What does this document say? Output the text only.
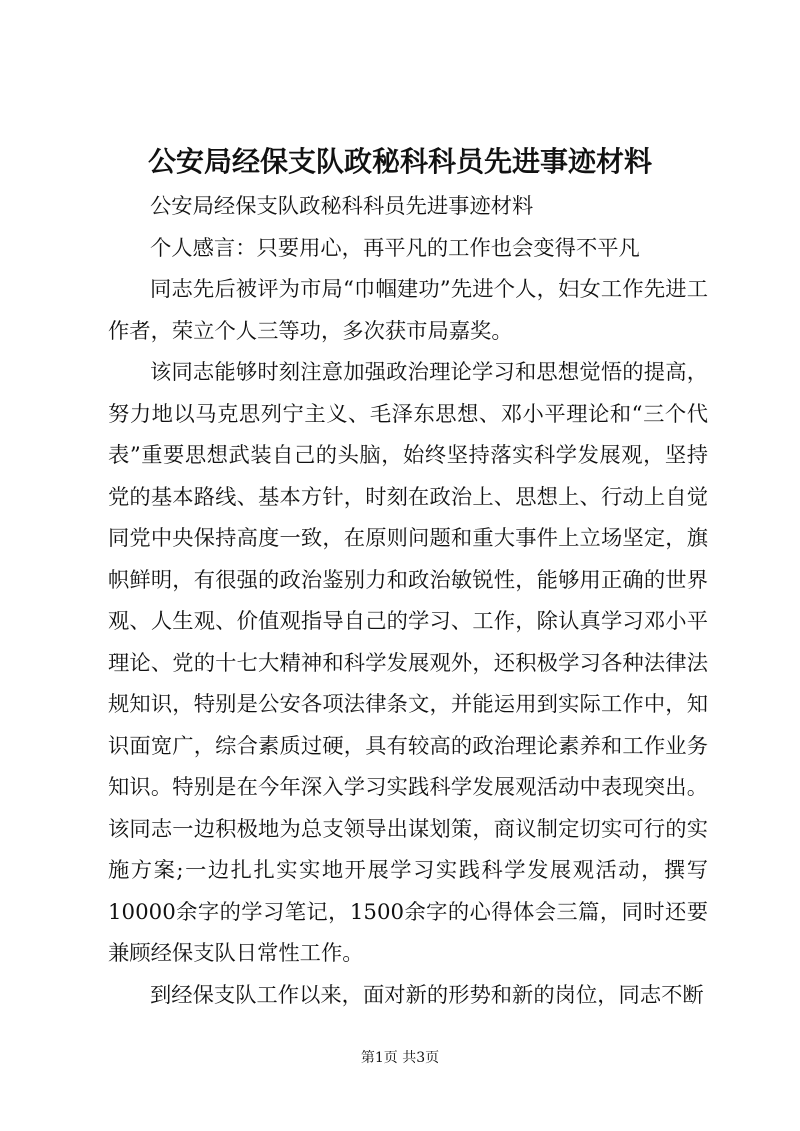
公安局经保支队政秘科科员先进事迹材料

公安局经保支队政秘科科员先进事迹材料

个人感言：只要用心，再平凡的工作也会变得不平凡

同志先后被评为市局“巾帼建功”先进个人，妇女工作先进工作者，荣立个人三等功，多次获市局嘉奖。

该同志能够时刻注意加强政治理论学习和思想觉悟的提高，努力地以马克思列宁主义、毛泽东思想、邓小平理论和“三个代表”重要思想武装自己的头脑，始终坚持落实科学发展观，坚持党的基本路线、基本方针，时刻在政治上、思想上、行动上自觉同党中央保持高度一致，在原则问题和重大事件上立场坚定，旗帜鲜明，有很强的政治鉴别力和政治敏锐性，能够用正确的世界观、人生观、价值观指导自己的学习、工作，除认真学习邓小平理论、党的十七大精神和科学发展观外，还积极学习各种法律法规知识，特别是公安各项法律条文，并能运用到实际工作中，知识面宽广，综合素质过硬，具有较高的政治理论素养和工作业务知识。特别是在今年深入学习实践科学发展观活动中表现突出。该同志一边积极地为总支领导出谋划策，商议制定切实可行的实施方案;一边扎扎实实地开展学习实践科学发展观活动，撰写10000余字的学习笔记，1500余字的心得体会三篇，同时还要兼顾经保支队日常性工作。

到经保支队工作以来，面对新的形势和新的岗位，同志不断

第1页 共3页
